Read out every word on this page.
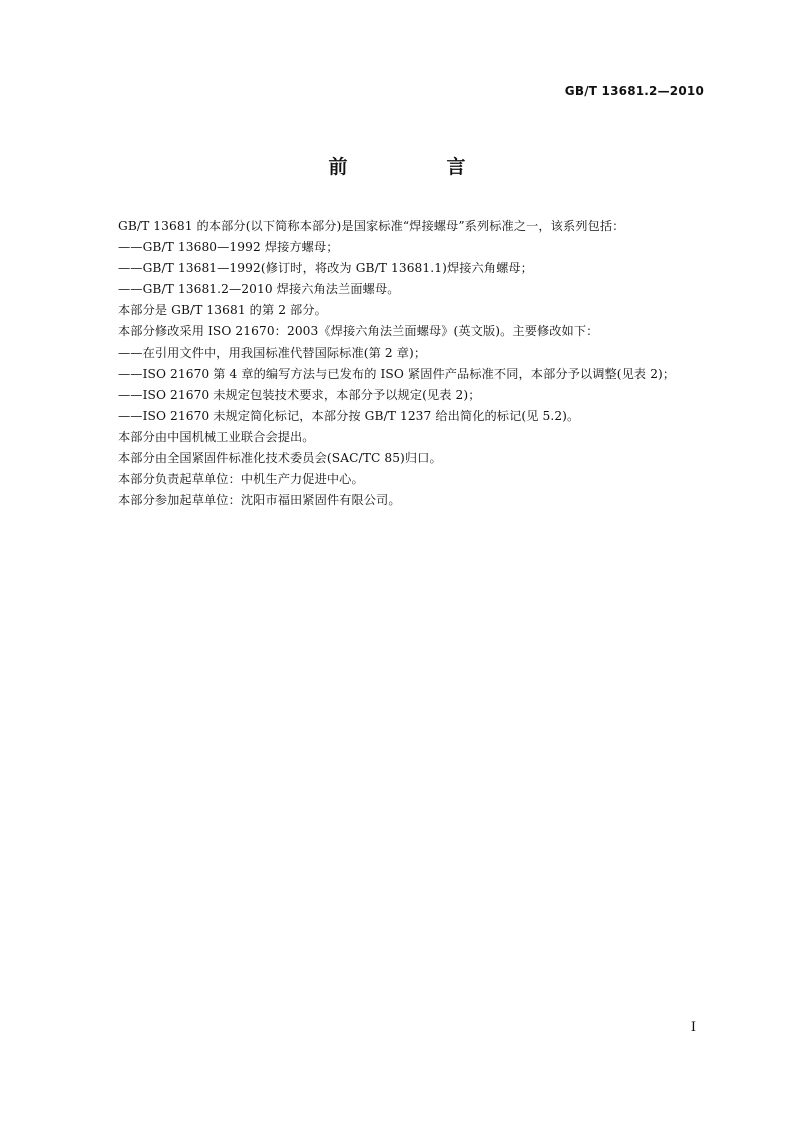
GB/T 13681.2—2010
前　言
GB/T 13681 的本部分(以下简称本部分)是国家标准“焊接螺母”系列标准之一，该系列包括：
——GB/T 13680—1992 焊接方螺母；
——GB/T 13681—1992(修订时，将改为 GB/T 13681.1)焊接六角螺母；
——GB/T 13681.2—2010 焊接六角法兰面螺母。
本部分是 GB/T 13681 的第 2 部分。
本部分修改采用 ISO 21670：2003《焊接六角法兰面螺母》(英文版)。主要修改如下：
——在引用文件中，用我国标准代替国际标准(第 2 章)；
——ISO 21670 第 4 章的编写方法与已发布的 ISO 紧固件产品标准不同，本部分予以调整(见表 2)；
——ISO 21670 未规定包装技术要求，本部分予以规定(见表 2)；
——ISO 21670 未规定简化标记，本部分按 GB/T 1237 给出简化的标记(见 5.2)。
本部分由中国机械工业联合会提出。
本部分由全国紧固件标准化技术委员会(SAC/TC 85)归口。
本部分负责起草单位：中机生产力促进中心。
本部分参加起草单位：沈阳市福田紧固件有限公司。
I
